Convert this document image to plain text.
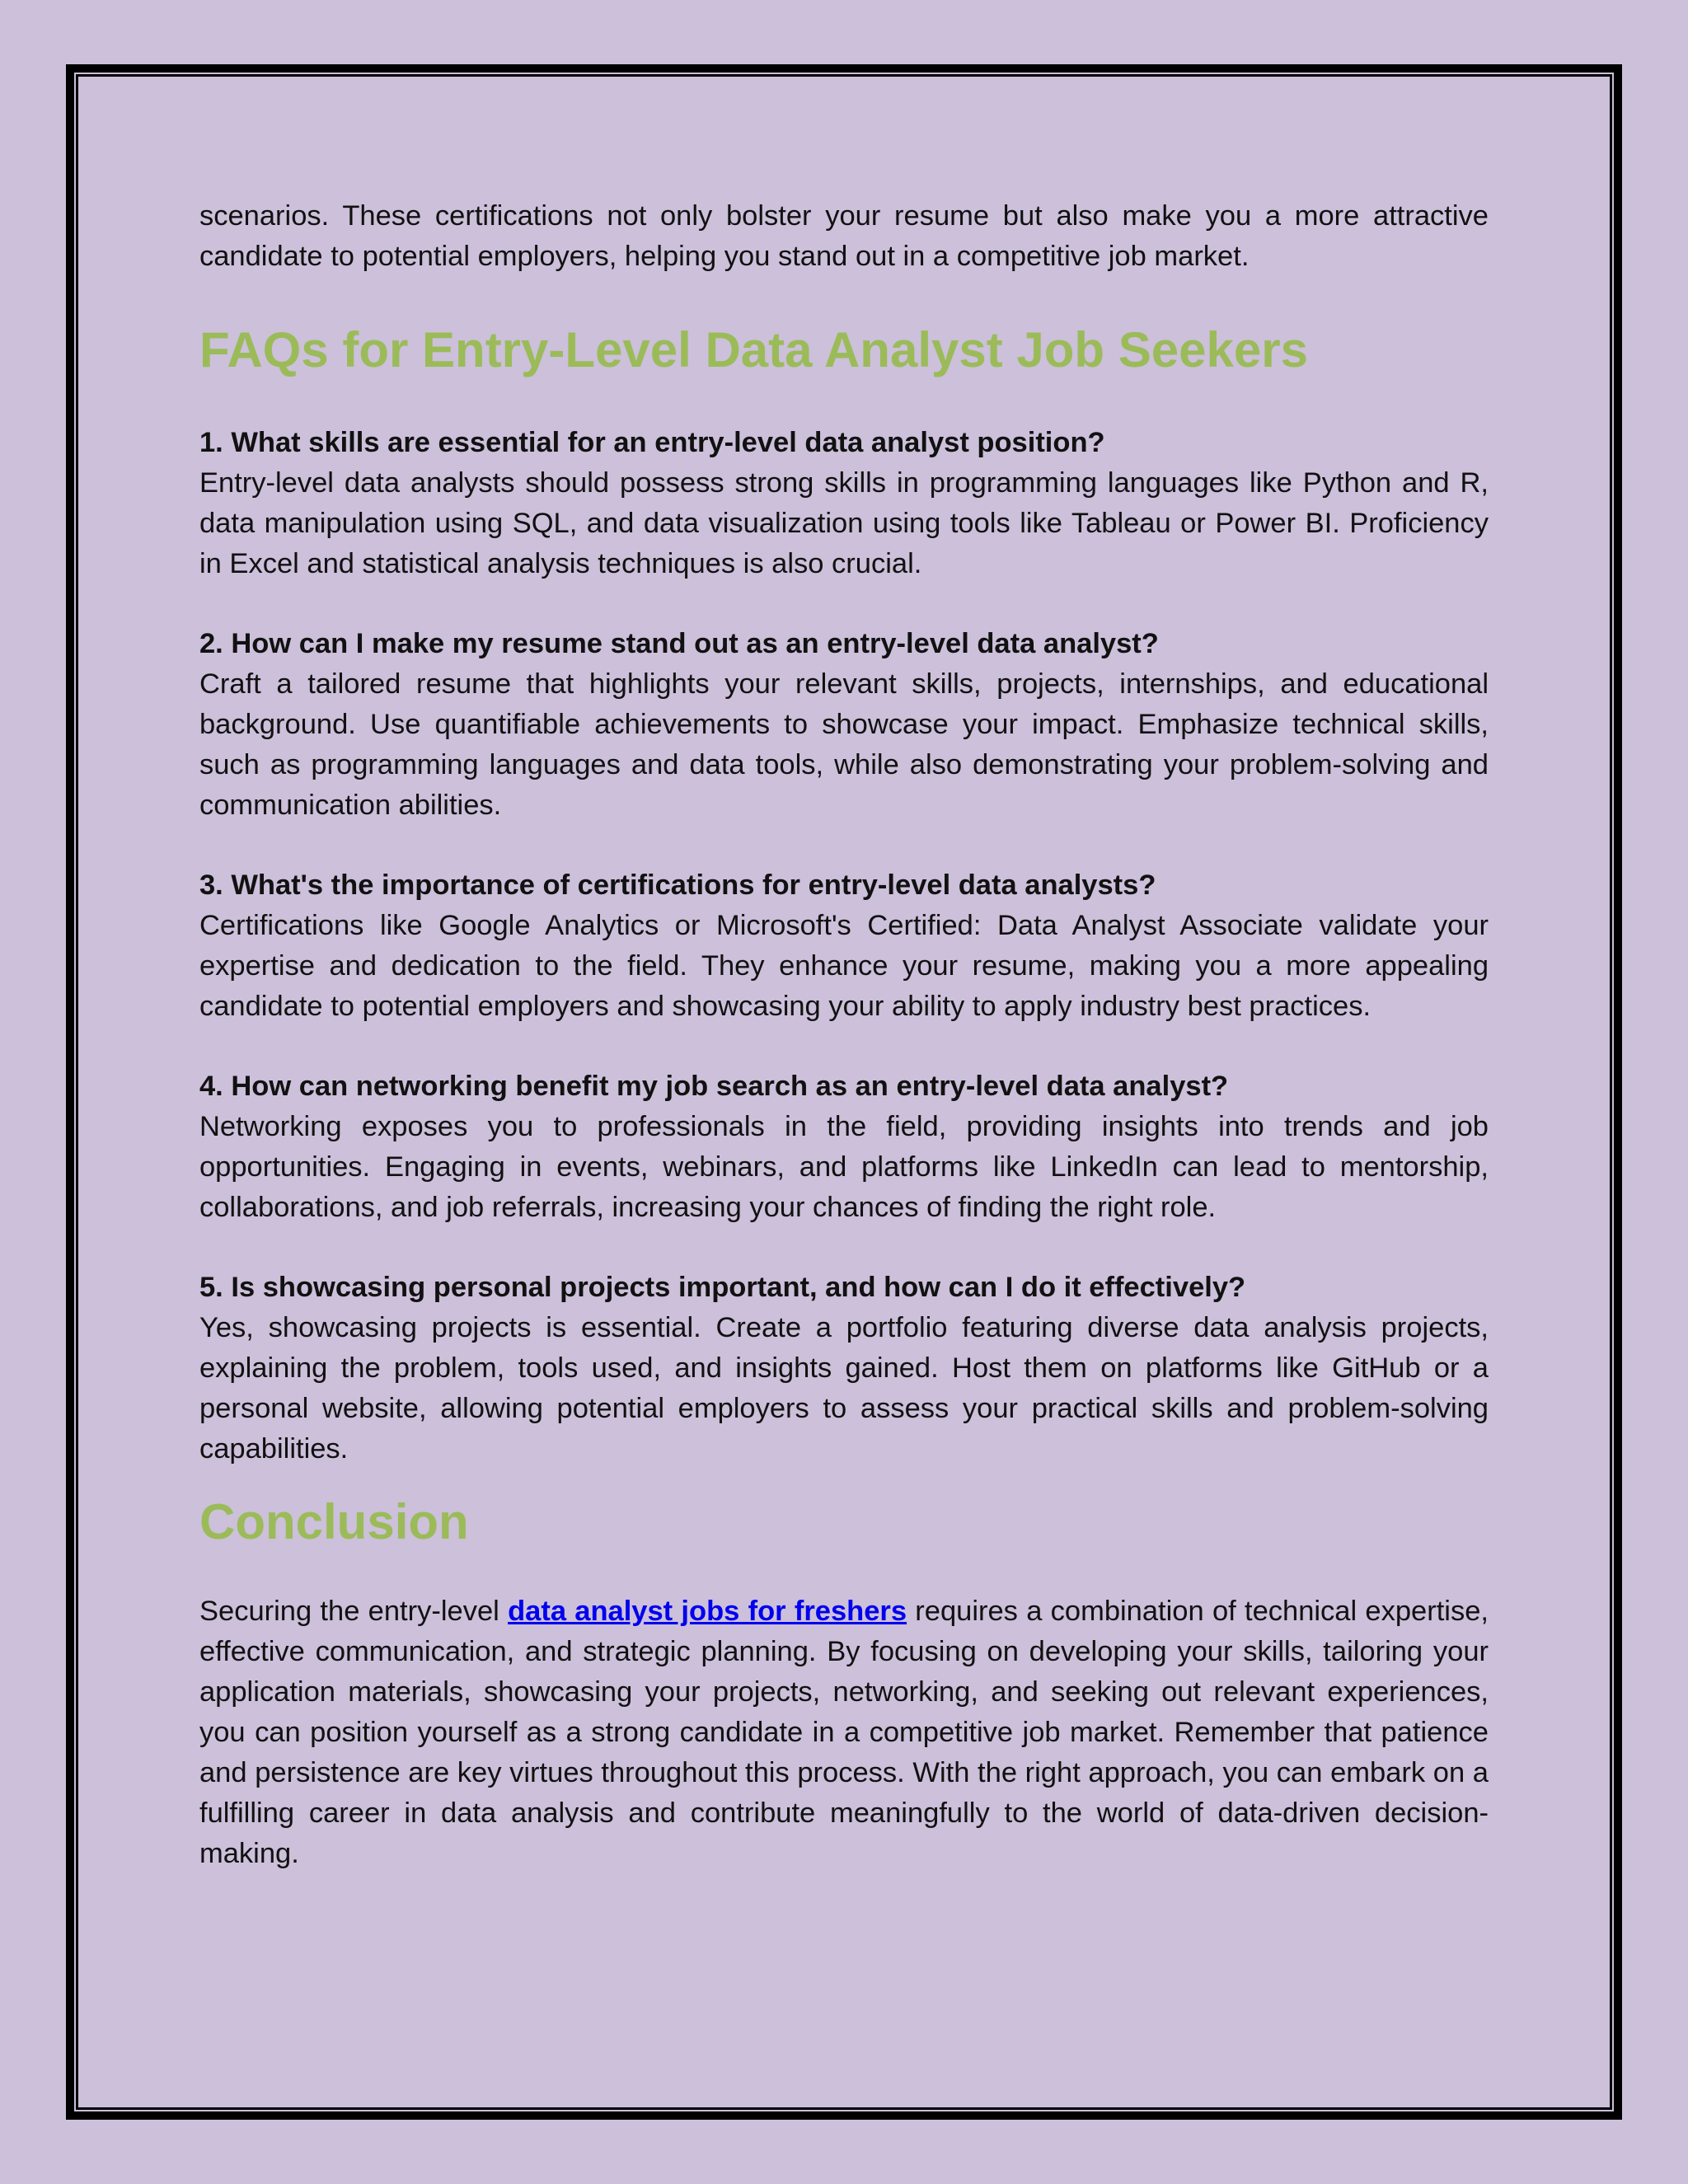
scenarios. These certifications not only bolster your resume but also make you a more attractive candidate to potential employers, helping you stand out in a competitive job market.

FAQs for Entry-Level Data Analyst Job Seekers
1. What skills are essential for an entry-level data analyst position?

Entry-level data analysts should possess strong skills in programming languages like Python and R, data manipulation using SQL, and data visualization using tools like Tableau or Power BI. Proficiency in Excel and statistical analysis techniques is also crucial.

2. How can I make my resume stand out as an entry-level data analyst?

Craft a tailored resume that highlights your relevant skills, projects, internships, and educational background. Use quantifiable achievements to showcase your impact. Emphasize technical skills, such as programming languages and data tools, while also demonstrating your problem-solving and communication abilities.

3. What's the importance of certifications for entry-level data analysts?

Certifications like Google Analytics or Microsoft's Certified: Data Analyst Associate validate your expertise and dedication to the field. They enhance your resume, making you a more appealing candidate to potential employers and showcasing your ability to apply industry best practices.

4. How can networking benefit my job search as an entry-level data analyst?

Networking exposes you to professionals in the field, providing insights into trends and job opportunities. Engaging in events, webinars, and platforms like LinkedIn can lead to mentorship, collaborations, and job referrals, increasing your chances of finding the right role.

5. Is showcasing personal projects important, and how can I do it effectively?

Yes, showcasing projects is essential. Create a portfolio featuring diverse data analysis projects, explaining the problem, tools used, and insights gained. Host them on platforms like GitHub or a personal website, allowing potential employers to assess your practical skills and problem-solving capabilities.

Conclusion

Securing the entry-level data analyst jobs for freshers requires a combination of technical expertise, effective communication, and strategic planning. By focusing on developing your skills, tailoring your application materials, showcasing your projects, networking, and seeking out relevant experiences, you can position yourself as a strong candidate in a competitive job market. Remember that patience and persistence are key virtues throughout this process. With the right approach, you can embark on a fulfilling career in data analysis and contribute meaningfully to the world of data-driven decision-making.
